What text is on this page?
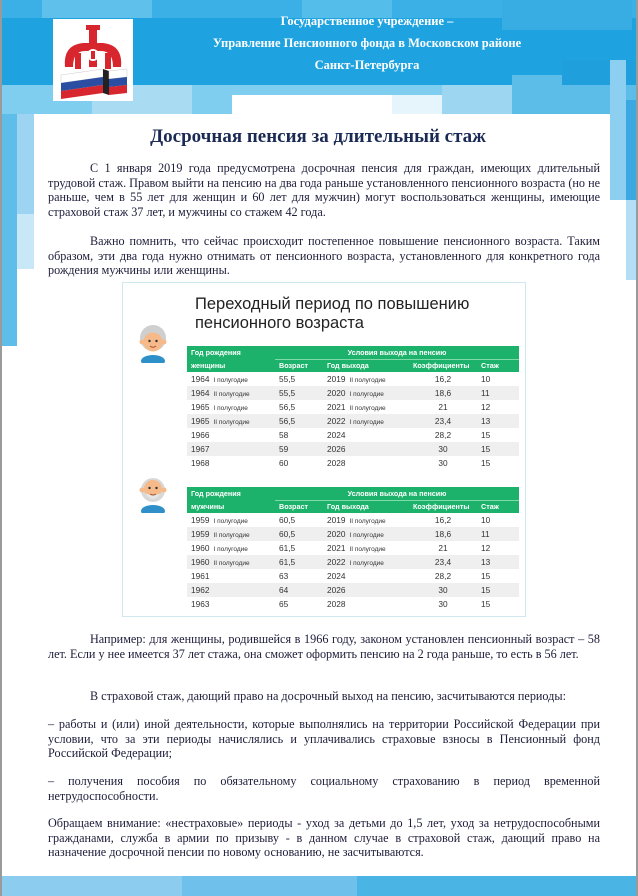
Государственное учреждение –
Управление Пенсионного фонда в Московском районе
Санкт-Петербурга
Досрочная пенсия за длительный стаж
С 1 января 2019 года предусмотрена досрочная пенсия для граждан, имеющих длительный трудовой стаж. Правом выйти на пенсию на два года раньше установленного пенсионного возраста (но не раньше, чем в 55 лет для женщин и 60 лет для мужчин) могут воспользоваться женщины, имеющие страховой стаж 37 лет, и мужчины со стажем 42 года.
Важно помнить, что сейчас происходит постепенное повышение пенсионного возраста. Таким образом, эти два года нужно отнимать от пенсионного возраста, установленного для конкретного года рождения мужчины или женщины.
Переходный период по повышению пенсионного возраста
Год рождения	Условия выхода на пенсию			
женщины	Возраст	Год выхода	Коэффициенты	Стаж
1964 I полугодие	55,5	2019 II полугодие	16,2	10
1964 II полугодие	55,5	2020 I полугодие	18,6	11
1965 I полугодие	56,5	2021 II полугодие	21	12
1965 II полугодие	56,5	2022 I полугодие	23,4	13
1966	58	2024	28,2	15
1967	59	2026	30	15
1968	60	2028	30	15
Год рождения	Условия выхода на пенсию			
мужчины	Возраст	Год выхода	Коэффициенты	Стаж
1959 I полугодие	60,5	2019 II полугодие	16,2	10
1959 II полугодие	60,5	2020 I полугодие	18,6	11
1960 I полугодие	61,5	2021 II полугодие	21	12
1960 II полугодие	61,5	2022 I полугодие	23,4	13
1961	63	2024	28,2	15
1962	64	2026	30	15
1963	65	2028	30	15
Например: для женщины, родившейся в 1966 году, законом установлен пенсионный возраст – 58 лет. Если у нее имеется 37 лет стажа, она сможет оформить пенсию на 2 года раньше, то есть в 56 лет.
В страховой стаж, дающий право на досрочный выход на пенсию, засчитываются периоды:
– работы и (или) иной деятельности, которые выполнялись на территории Российской Федерации при условии, что за эти периоды начислялись и уплачивались страховые взносы в Пенсионный фонд Российской Федерации;
– получения пособия по обязательному социальному страхованию в период временной нетрудоспособности.
Обращаем внимание: «нестраховые» периоды - уход за детьми до 1,5 лет, уход за нетрудоспособными гражданами, служба в армии по призыву - в данном случае в страховой стаж, дающий право на назначение досрочной пенсии по новому основанию, не засчитываются.
